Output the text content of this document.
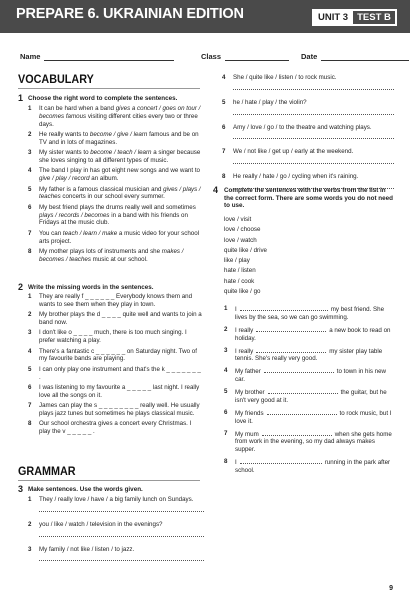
PREPARE 6. UKRAINIAN EDITION	UNIT 3 TEST B
Name	Class	Date
VOCABULARY
1 Choose the right word to complete the sentences.
1 It can be hard when a band gives a concert / goes on tour / becomes famous visiting different cities every two or three days.
2 He really wants to become / give / learn famous and be on TV and in lots of magazines.
3 My sister wants to become / teach / learn a singer because she loves singing to all different types of music.
4 The band I play in has got eight new songs and we want to give / play / record an album.
5 My father is a famous classical musician and gives / plays / teaches concerts in our school every summer.
6 My best friend plays the drums really well and sometimes plays / records / becomes in a band with his friends on Fridays at the music club.
7 You can teach / learn / make a music video for your school arts project.
8 My mother plays lots of instruments and she makes / becomes / teaches music at our school.
2 Write the missing words in the sentences.
1 They are really f _ _ _ _ _ _ Everybody knows them and wants to see them when they play in town.
2 My brother plays the d _ _ _ _ quite well and wants to join a band now.
3 I don't like o _ _ _ _ much, there is too much singing. I prefer watching a play.
4 There's a fantastic c _ _ _ _ _ _ on Saturday night. Two of my favourite bands are playing.
5 I can only play one instrument and that's the k _ _ _ _ _ _ _ .
6 I was listening to my favourite a _ _ _ _ _ last night. I really love all the songs on it.
7 James can play the s _ _ _ _ _ _ _ _ really well. He usually plays jazz tunes but sometimes he plays classical music.
8 Our school orchestra gives a concert every Christmas. I play the v _ _ _ _ _ .
GRAMMAR
3 Make sentences. Use the words given.
1 They / really love / have / a big family lunch on Sundays.
2 you / like / watch / television in the evenings?
3 My family / not like / listen / to jazz.
4 She / quite like / listen / to rock music.
5 he / hate / play / the violin?
6 Amy / love / go / to the theatre and watching plays.
7 We / not like / get up / early at the weekend.
8 He really / hate / go / cycling when it's raining.
4 Complete the sentences with the verbs from the list in the correct form. There are some words you do not need to use.
love / visit
love / choose
love / watch
quite like / drive
like / play
hate / listen
hate / cook
quite like / go
1 I	my best friend. She lives by the sea, so we can go swimming.
2 I really	a new book to read on holiday.
3 I really	my sister play table tennis. She's really very good.
4 My father	to town in his new car.
5 My brother	the guitar, but he isn't very good at it.
6 My friends	to rock music, but I love it.
7 My mum	when she gets home from work in the evening, so my dad always makes supper.
8 I	running in the park after school.
9
